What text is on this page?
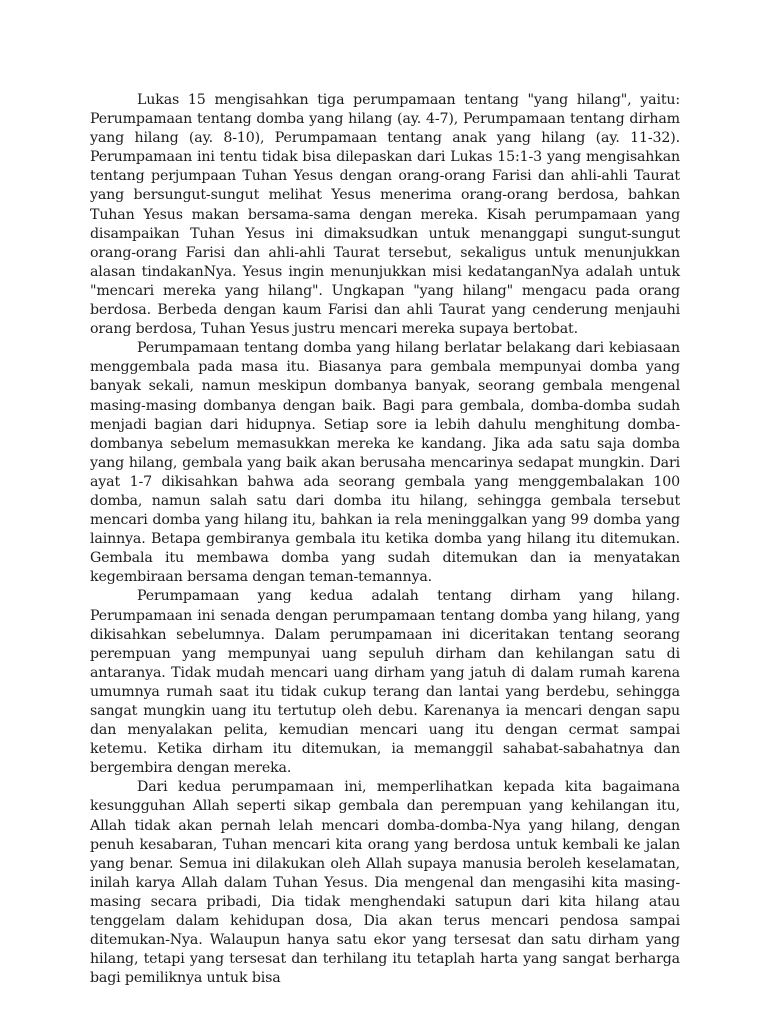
Lukas 15 mengisahkan tiga perumpamaan tentang "yang hilang", yaitu: Perumpamaan tentang domba yang hilang (ay. 4-7), Perumpamaan tentang dirham yang hilang (ay. 8-10), Perumpamaan tentang anak yang hilang (ay. 11-32). Perumpamaan ini tentu tidak bisa dilepaskan dari Lukas 15:1-3 yang mengisahkan tentang perjumpaan Tuhan Yesus dengan orang-orang Farisi dan ahli-ahli Taurat yang bersungut-sungut melihat Yesus menerima orang-orang berdosa, bahkan Tuhan Yesus makan bersama-sama dengan mereka. Kisah perumpamaan yang disampaikan Tuhan Yesus ini dimaksudkan untuk menanggapi sungut-sungut orang-orang Farisi dan ahli-ahli Taurat tersebut, sekaligus untuk menunjukkan alasan tindakanNya. Yesus ingin menunjukkan misi kedatanganNya adalah untuk "mencari mereka yang hilang". Ungkapan "yang hilang" mengacu pada orang berdosa. Berbeda dengan kaum Farisi dan ahli Taurat yang cenderung menjauhi orang berdosa, Tuhan Yesus justru mencari mereka supaya bertobat.

Perumpamaan tentang domba yang hilang berlatar belakang dari kebiasaan menggembala pada masa itu. Biasanya para gembala mempunyai domba yang banyak sekali, namun meskipun dombanya banyak, seorang gembala mengenal masing-masing dombanya dengan baik. Bagi para gembala, domba-domba sudah menjadi bagian dari hidupnya. Setiap sore ia lebih dahulu menghitung domba-dombanya sebelum memasukkan mereka ke kandang. Jika ada satu saja domba yang hilang, gembala yang baik akan berusaha mencarinya sedapat mungkin. Dari ayat 1-7 dikisahkan bahwa ada seorang gembala yang menggembalakan 100 domba, namun salah satu dari domba itu hilang, sehingga gembala tersebut mencari domba yang hilang itu, bahkan ia rela meninggalkan yang 99 domba yang lainnya. Betapa gembiranya gembala itu ketika domba yang hilang itu ditemukan. Gembala itu membawa domba yang sudah ditemukan dan ia menyatakan kegembiraan bersama dengan teman-temannya.

Perumpamaan yang kedua adalah tentang dirham yang hilang. Perumpamaan ini senada dengan perumpamaan tentang domba yang hilang, yang dikisahkan sebelumnya. Dalam perumpamaan ini diceritakan tentang seorang perempuan yang mempunyai uang sepuluh dirham dan kehilangan satu di antaranya. Tidak mudah mencari uang dirham yang jatuh di dalam rumah karena umumnya rumah saat itu tidak cukup terang dan lantai yang berdebu, sehingga sangat mungkin uang itu tertutup oleh debu. Karenanya ia mencari dengan sapu dan menyalakan pelita, kemudian mencari uang itu dengan cermat sampai ketemu. Ketika dirham itu ditemukan, ia memanggil sahabat-sabahatnya dan bergembira dengan mereka.

Dari kedua perumpamaan ini, memperlihatkan kepada kita bagaimana kesungguhan Allah seperti sikap gembala dan perempuan yang kehilangan itu, Allah tidak akan pernah lelah mencari domba-domba-Nya yang hilang, dengan penuh kesabaran, Tuhan mencari kita orang yang berdosa untuk kembali ke jalan yang benar. Semua ini dilakukan oleh Allah supaya manusia beroleh keselamatan, inilah karya Allah dalam Tuhan Yesus. Dia mengenal dan mengasihi kita masing-masing secara pribadi, Dia tidak menghendaki satupun dari kita hilang atau tenggelam dalam kehidupan dosa, Dia akan terus mencari pendosa sampai ditemukan-Nya. Walaupun hanya satu ekor yang tersesat dan satu dirham yang hilang, tetapi yang tersesat dan terhilang itu tetaplah harta yang sangat berharga bagi pemiliknya untuk bisa
